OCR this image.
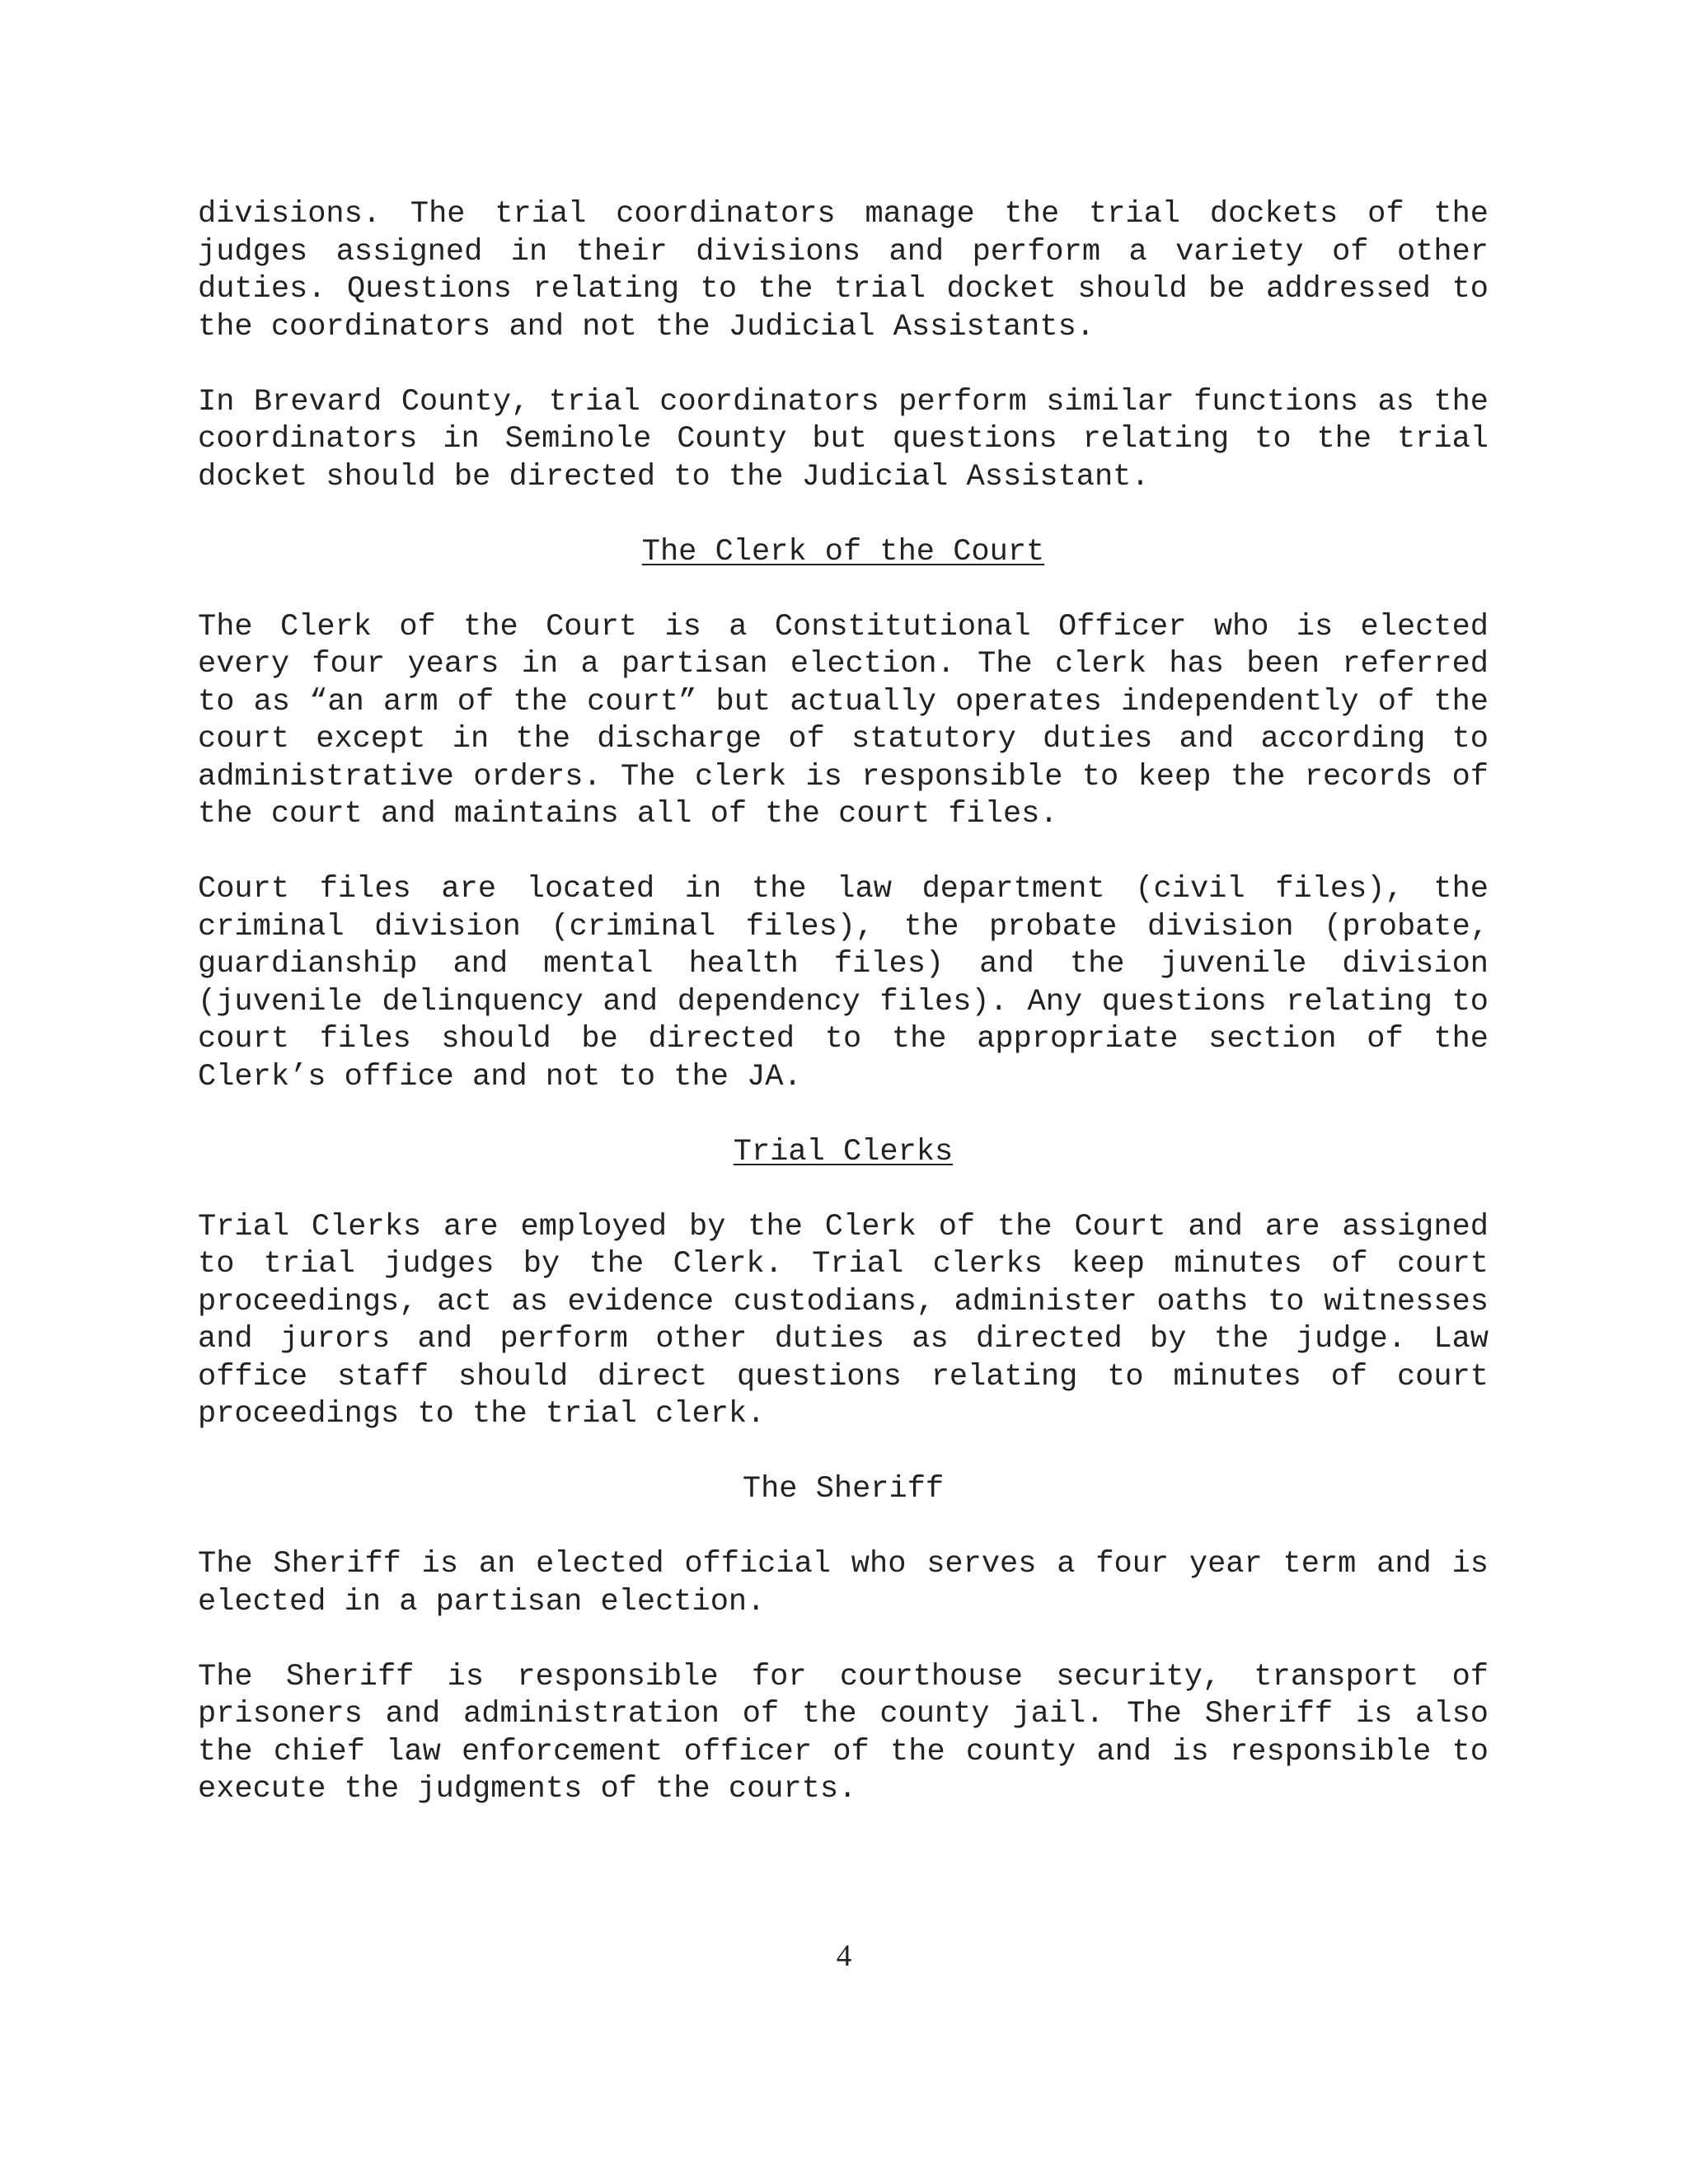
divisions. The trial coordinators manage the trial dockets of the judges assigned in their divisions and perform a variety of other duties. Questions relating to the trial docket should be addressed to the coordinators and not the Judicial Assistants.

In Brevard County, trial coordinators perform similar functions as the coordinators in Seminole County but questions relating to the trial docket should be directed to the Judicial Assistant.

The Clerk of the Court

The Clerk of the Court is a Constitutional Officer who is elected every four years in a partisan election. The clerk has been referred to as “an arm of the court” but actually operates independently of the court except in the discharge of statutory duties and according to administrative orders. The clerk is responsible to keep the records of the court and maintains all of the court files.

Court files are located in the law department (civil files), the criminal division (criminal files), the probate division (probate, guardianship and mental health files) and the juvenile division (juvenile delinquency and dependency files). Any questions relating to court files should be directed to the appropriate section of the Clerk’s office and not to the JA.

Trial Clerks

Trial Clerks are employed by the Clerk of the Court and are assigned to trial judges by the Clerk. Trial clerks keep minutes of court proceedings, act as evidence custodians, administer oaths to witnesses and jurors and perform other duties as directed by the judge. Law office staff should direct questions relating to minutes of court proceedings to the trial clerk.

The Sheriff

The Sheriff is an elected official who serves a four year term and is elected in a partisan election.

The Sheriff is responsible for courthouse security, transport of prisoners and administration of the county jail. The Sheriff is also the chief law enforcement officer of the county and is responsible to execute the judgments of the courts.

4
